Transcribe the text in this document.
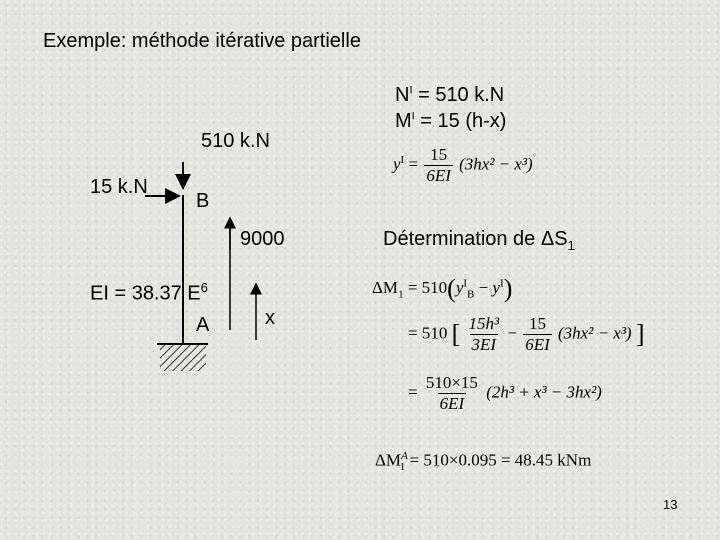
Exemple: méthode itérative partielle
510 k.N
15 k.N
B
9000
EI = 38.37 $E^6$
A	x
$N^I = 510$ k.N
$M^I = 15$ (h-x)
$y^I = \frac{15}{6EI} (3hx^2 - x^3)$
Détermination de $\Delta S_1$
$\Delta M_1 = 510(y^I_B - y^I)$
= 510 [ $\frac{\text{15h³}}{3EI} - \frac{15}{6EI} (3hx^2 - x^3)$ ]
= $\frac{510\times 15}{6EI} (2h^3 + x^3 - 3hx^2)$
$\Delta M^A_1 = 510\times 0.095 = 48.45$ kNm
13
